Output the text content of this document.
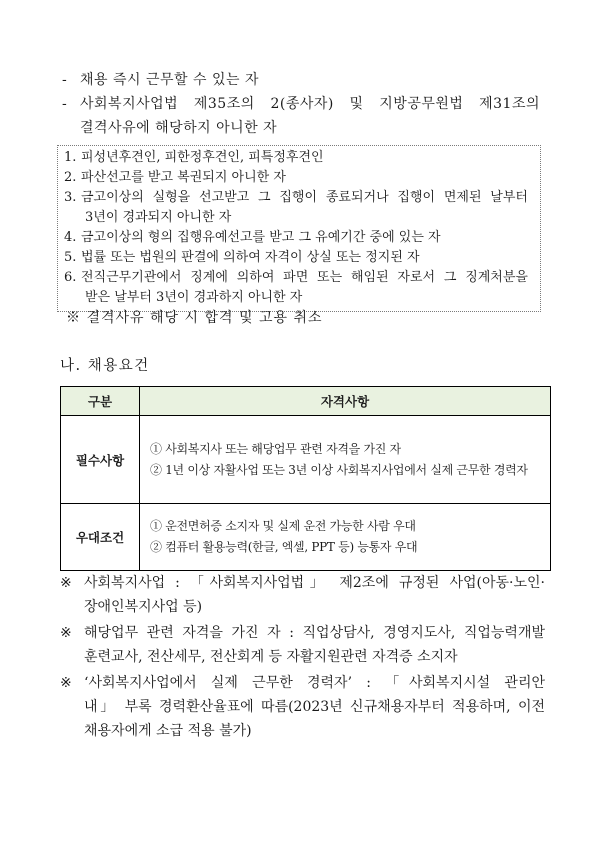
- 채용 즉시 근무할 수 있는 자
- 사회복지사업법 제35조의 2(종사자) 및 지방공무원법 제31조의
결격사유에 해당하지 아니한 자
1. 피성년후견인, 피한정후견인, 피특정후견인
2. 파산선고를 받고 복권되지 아니한 자
3. 금고이상의 실형을 선고받고 그 집행이 종료되거나 집행이 면제된 날부터
3년이 경과되지 아니한 자
4. 금고이상의 형의 집행유예선고를 받고 그 유예기간 중에 있는 자
5. 법률 또는 법원의 판결에 의하여 자격이 상실 또는 정지된 자
6. 전직근무기관에서 징계에 의하여 파면 또는 해임된 자로서 그 징계처분을
받은 날부터 3년이 경과하지 아니한 자
※ 결격사유 해당 시 합격 및 고용 취소
나. 채용요건
구분	자격사항
필수사항	① 사회복지사 또는 해당업무 관련 자격을 가진 자
② 1년 이상 자활사업 또는 3년 이상 사회복지사업에서 실제 근무한 경력자

우대조건	① 운전면허증 소지자 및 실제 운전 가능한 사람 우대
② 컴퓨터 활용능력(한글, 엑셀, PPT 등) 능통자 우대
※ 사회복지사업 : 「사회복지사업법」 제2조에 규정된 사업(아동·노인·
장애인복지사업 등)
※ 해당업무 관련 자격을 가진 자 : 직업상담사, 경영지도사, 직업능력개발
훈련교사, 전산세무, 전산회계 등 자활지원관련 자격증 소지자
※ ‘사회복지사업에서 실제 근무한 경력자’ : 「사회복지시설 관리안
내」 부록 경력환산율표에 따름(2023년 신규채용자부터 적용하며, 이전
채용자에게 소급 적용 불가)
